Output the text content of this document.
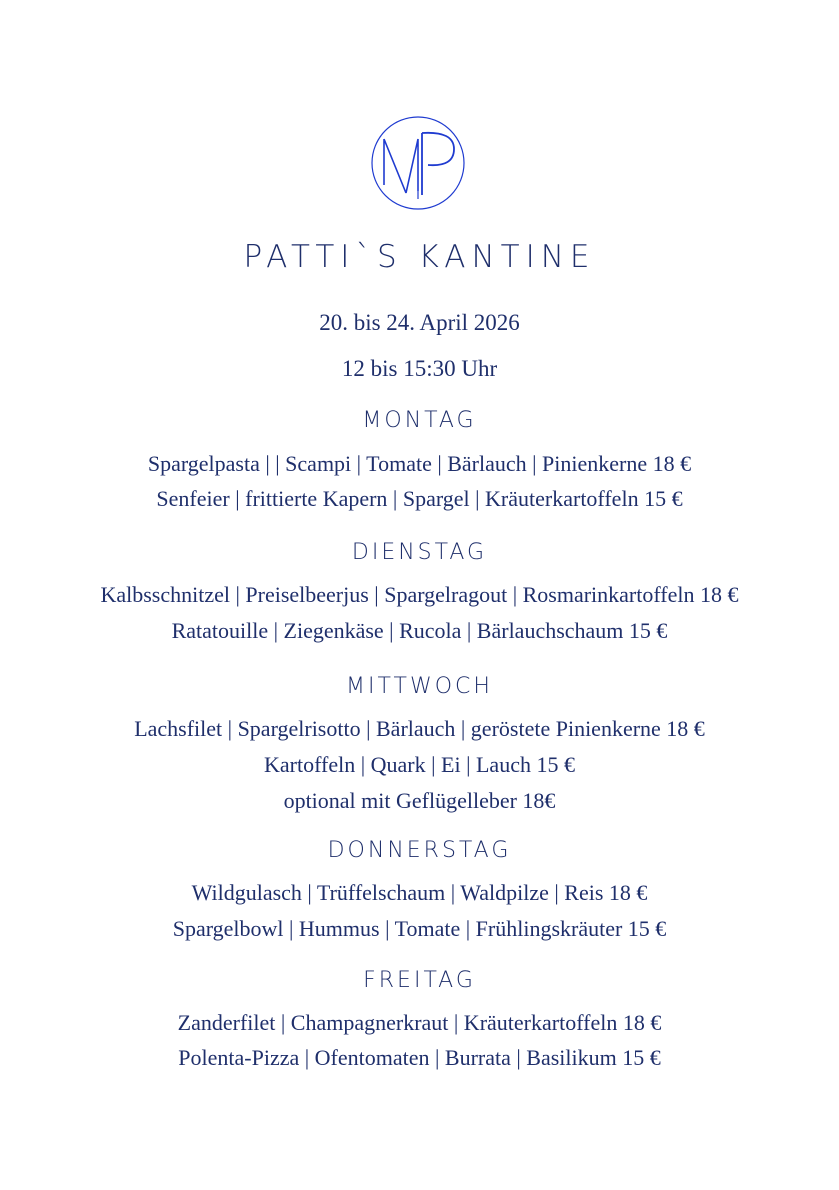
PATTI`S KANTINE
20. bis 24. April 2026
12 bis 15:30 Uhr
MONTAG
Spargelpasta | | Scampi | Tomate | Bärlauch | Pinienkerne 18 €
Senfeier | frittierte Kapern | Spargel | Kräuterkartoffeln 15 €
DIENSTAG
Kalbsschnitzel | Preiselbeerjus | Spargelragout | Rosmarinkartoffeln 18 €
Ratatouille | Ziegenkäse | Rucola | Bärlauchschaum 15 €
MITTWOCH
Lachsfilet | Spargelrisotto | Bärlauch | geröstete Pinienkerne 18 €
Kartoffeln | Quark | Ei | Lauch 15 €
optional mit Geflügelleber 18€
DONNERSTAG
Wildgulasch | Trüffelschaum | Waldpilze | Reis 18 €
Spargelbowl | Hummus | Tomate | Frühlingskräuter 15 €
FREITAG
Zanderfilet | Champagnerkraut | Kräuterkartoffeln 18 €
Polenta-Pizza | Ofentomaten | Burrata | Basilikum 15 €
